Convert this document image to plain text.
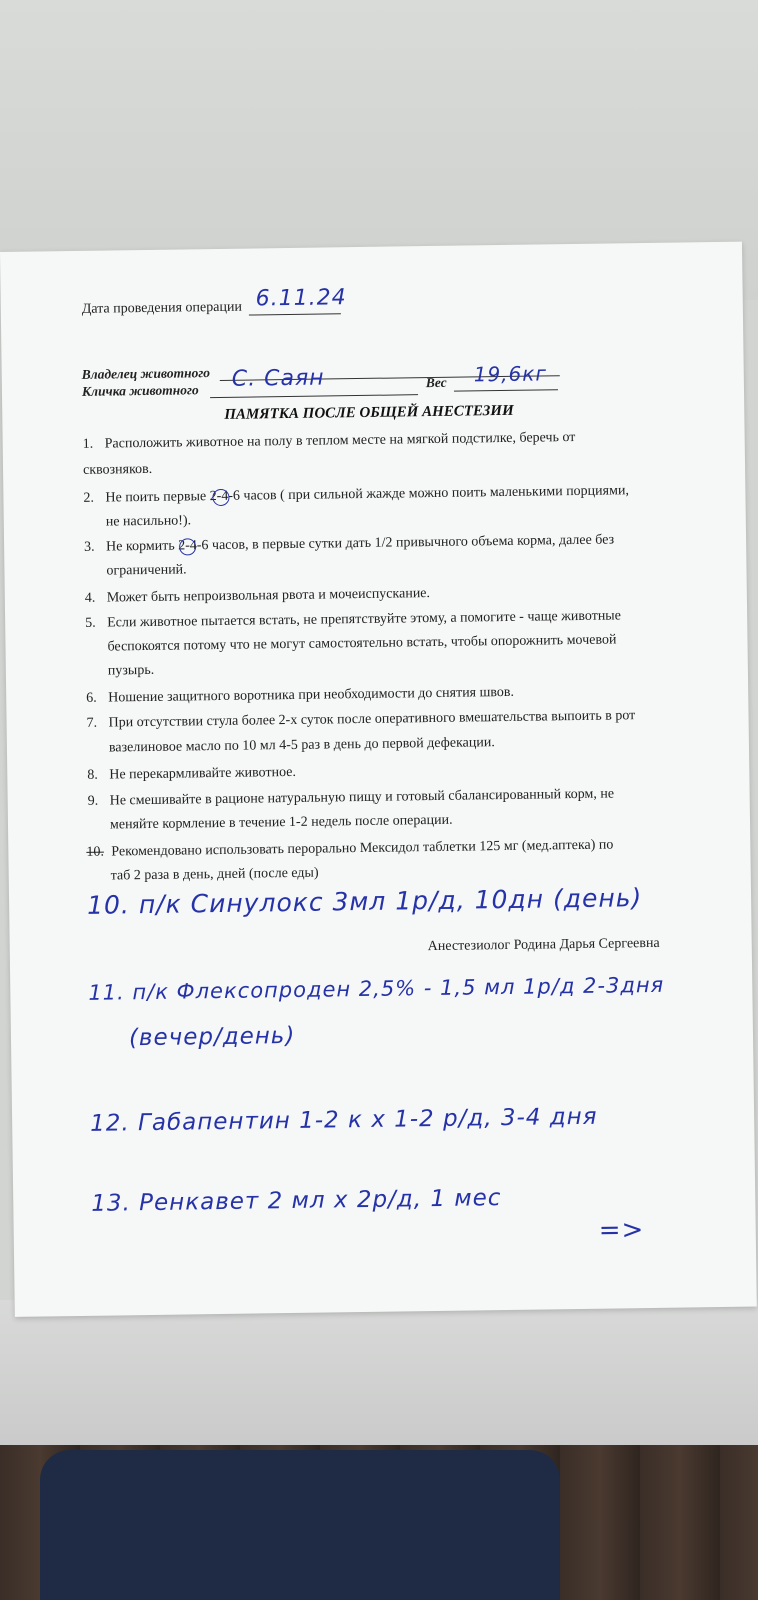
Дата проведения операции 6.11.24
Владелец животного
Кличка животного С. Саян	Вес 19,6кг
ПАМЯТКА ПОСЛЕ ОБЩЕЙ АНЕСТЕЗИИ
1. Расположить животное на полу в теплом месте на мягкой подстилке, беречь от
сквозняков.
2. Не поить первые 2-4-6 часов ( при сильной жажде можно поить маленькими порциями,
не насильно!).
3. Не кормить 2-4-6 часов, в первые сутки дать 1/2 привычного объема корма, далее без
ограничений.
4. Может быть непроизвольная рвота и мочеиспускание.
5. Если животное пытается встать, не препятствуйте этому, а помогите - чаще животные
беспокоятся потому что не могут самостоятельно встать, чтобы опорожнить мочевой
пузырь.
6. Ношение защитного воротника при необходимости до снятия швов.
7. При отсутствии стула более 2-х суток после оперативного вмешательства выпоить в рот
вазелиновое масло по 10 мл 4-5 раз в день до первой дефекации.
8. Не перекармливайте животное.
9. Не смешивайте в рационе натуральную пищу и готовый сбалансированный корм, не
меняйте кормление в течение 1-2 недель после операции.
10. Рекомендовано использовать перорально Мексидол таблетки 125 мг (мед.аптека) по
таб 2 раза в день, дней (после еды)
10. п/к Синулокс 3мл 1р/д, 10дн (день)
Анестезиолог Родина Дарья Сергеевна
11. п/к Флексопроден 2,5% - 1,5 мл 1р/д 2-3дня
(вечер/день)
12. Габапентин 1-2 к х 1-2 р/д, 3-4 дня
13. Ренкавет 2 мл х 2р/д, 1 мес
=>
